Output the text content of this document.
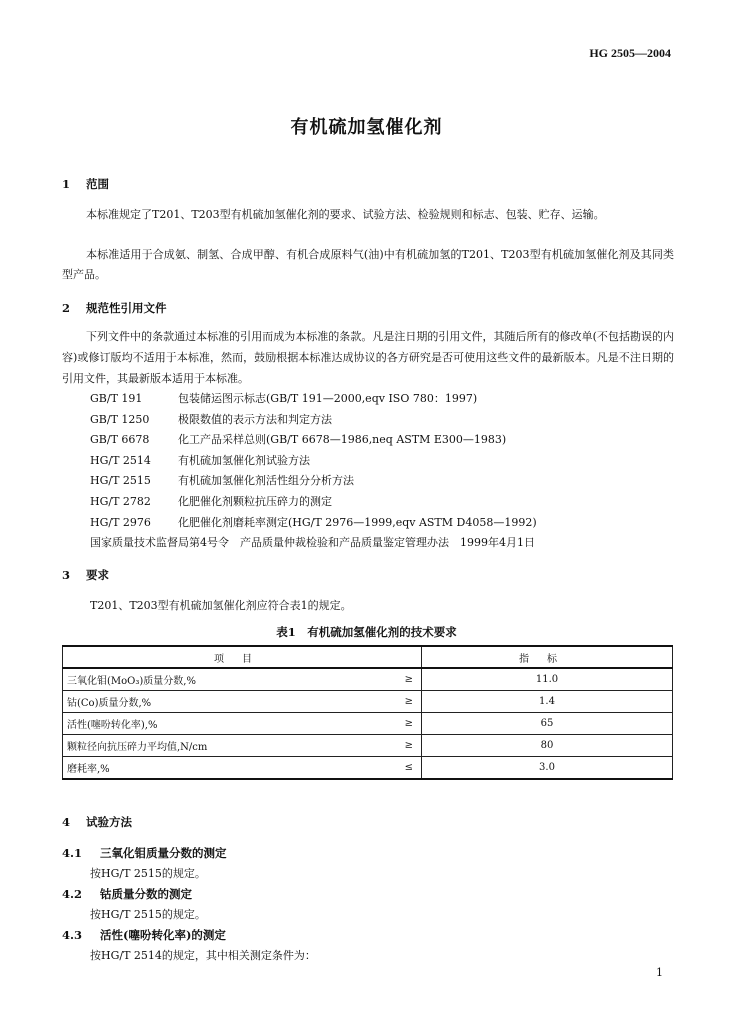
HG 2505—2004
有机硫加氢催化剂
1 范围

本标准规定了T201、T203型有机硫加氢催化剂的要求、试验方法、检验规则和标志、包装、贮存、运输。

本标准适用于合成氨、制氢、合成甲醇、有机合成原料气(油)中有机硫加氢的T201、T203型有机硫加氢催化剂及其同类型产品。

2 规范性引用文件

下列文件中的条款通过本标准的引用而成为本标准的条款。凡是注日期的引用文件，其随后所有的修改单(不包括勘误的内容)或修订版均不适用于本标准，然而，鼓励根据本标准达成协议的各方研究是否可使用这些文件的最新版本。凡是不注日期的引用文件，其最新版本适用于本标准。

GB/T 191	包装储运图示标志(GB/T 191—2000,eqv ISO 780：1997)
GB/T 1250	极限数值的表示方法和判定方法
GB/T 6678	化工产品采样总则(GB/T 6678—1986,neq ASTM E300—1983)
HG/T 2514 有机硫加氢催化剂试验方法
HG/T 2515 有机硫加氢催化剂活性组分分析方法
HG/T 2782 化肥催化剂颗粒抗压碎力的测定
HG/T 2976 化肥催化剂磨耗率测定(HG/T 2976—1999,eqv ASTM D4058—1992)
国家质量技术监督局第4号令　产品质量仲裁检验和产品质量鉴定管理办法　1999年4月1日
3 要求
T201、T203型有机硫加氢催化剂应符合表1的规定。
表1　有机硫加氢催化剂的技术要求
项目		指标
三氧化钼(MoO₃)质量分数,%	≥	11.0
钴(Co)质量分数,%	≥	1.4
活性(噻吩转化率),%	≥	65
颗粒径向抗压碎力平均值,N/cm	≥	80
磨耗率,%	≤	3.0
4 试验方法
4.1 三氧化钼质量分数的测定
按HG/T 2515的规定。
4.2 钴质量分数的测定
按HG/T 2515的规定。
4.3 活性(噻吩转化率)的测定
按HG/T 2514的规定，其中相关测定条件为：
1
